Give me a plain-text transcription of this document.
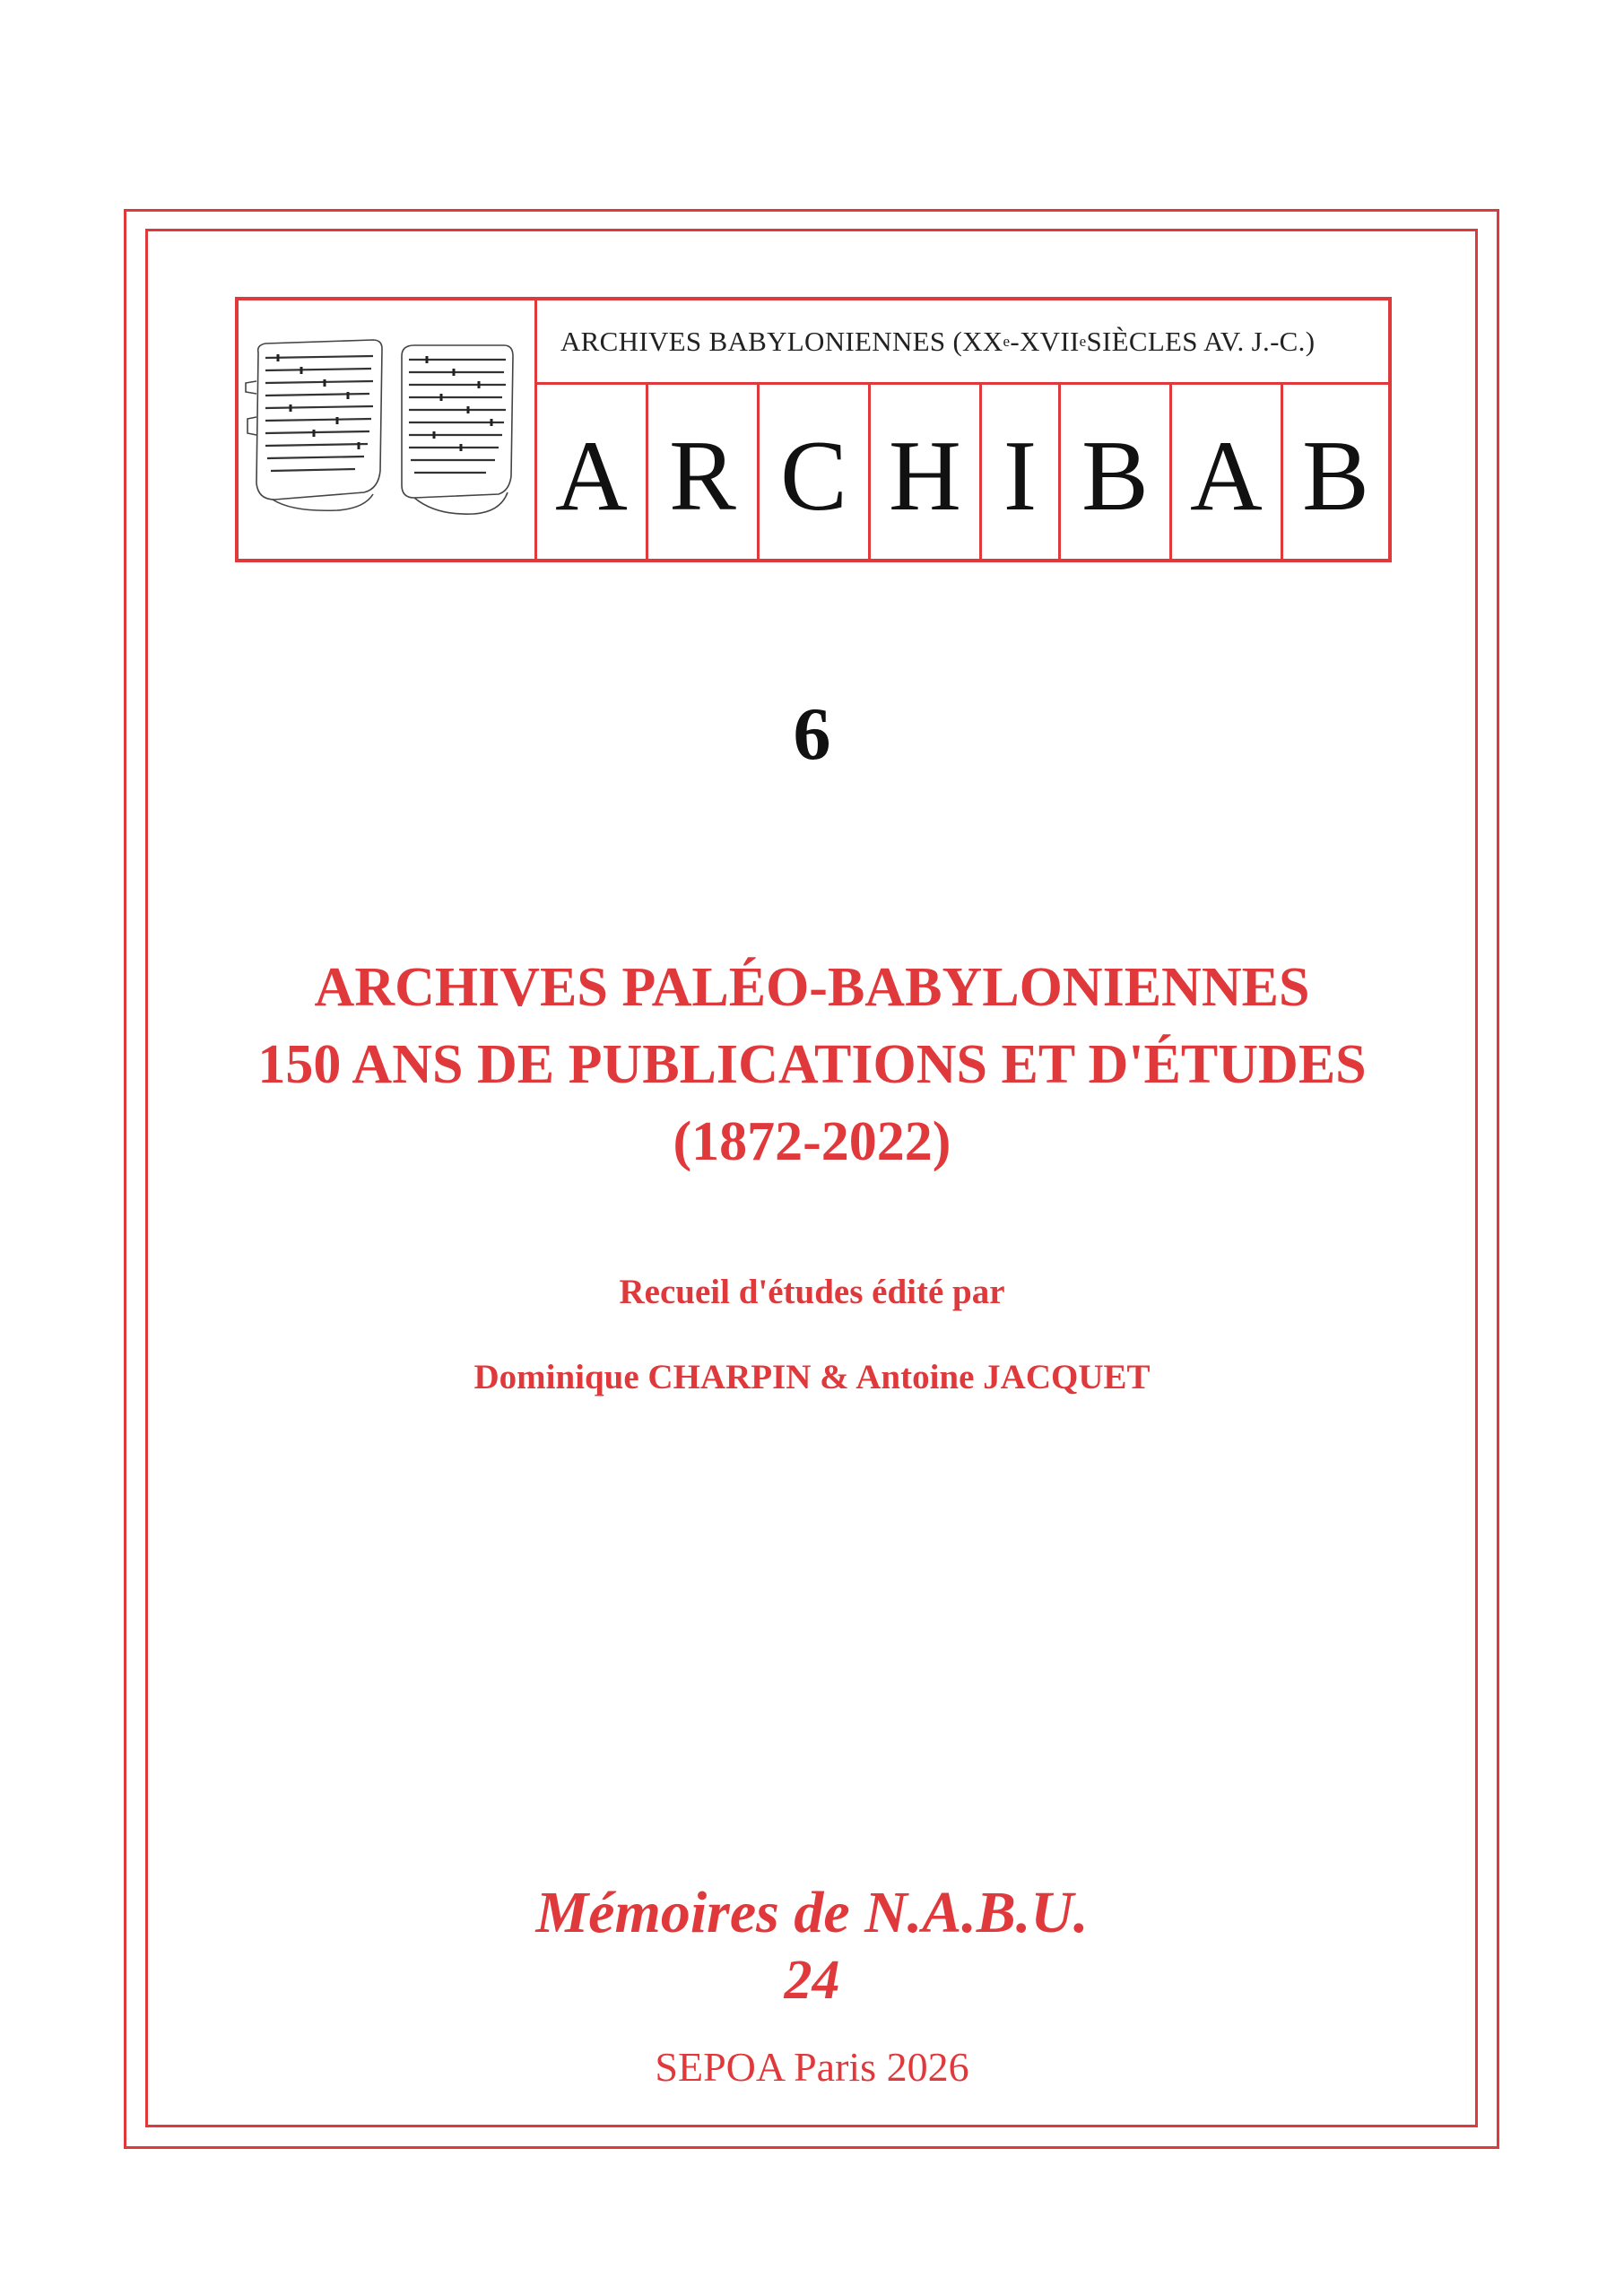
ARCHIVES BABYLONIENNES (XX e -XVII e SIÈCLES AV. J.-C.)
A R C H I B A B
6
ARCHIVES PALÉO-BABYLONIENNES
150 ANS DE PUBLICATIONS ET D'ÉTUDES
(1872-2022)
Recueil d'études édité par
Dominique CHARPIN & Antoine JACQUET
Mémoires de N.A.B.U.
24
SEPOA Paris 2026
